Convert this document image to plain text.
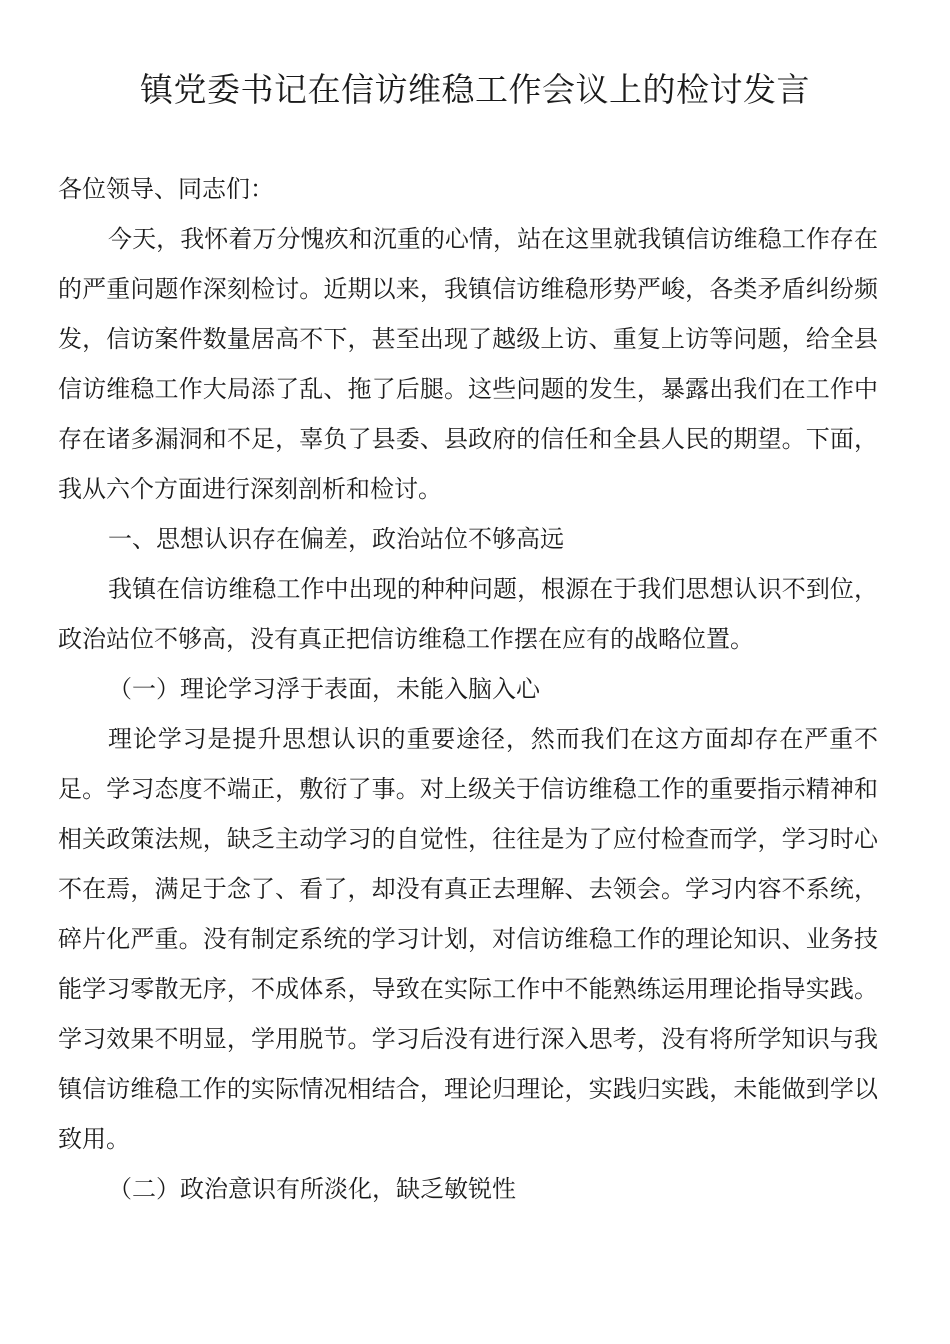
镇党委书记在信访维稳工作会议上的检讨发言

各位领导、同志们：

今天，我怀着万分愧疚和沉重的心情，站在这里就我镇信访维稳工作存在的严重问题作深刻检讨。近期以来，我镇信访维稳形势严峻，各类矛盾纠纷频发，信访案件数量居高不下，甚至出现了越级上访、重复上访等问题，给全县信访维稳工作大局添了乱、拖了后腿。这些问题的发生，暴露出我们在工作中存在诸多漏洞和不足，辜负了县委、县政府的信任和全县人民的期望。下面，我从六个方面进行深刻剖析和检讨。

一、思想认识存在偏差，政治站位不够高远

我镇在信访维稳工作中出现的种种问题，根源在于我们思想认识不到位，政治站位不够高，没有真正把信访维稳工作摆在应有的战略位置。

（一）理论学习浮于表面，未能入脑入心

理论学习是提升思想认识的重要途径，然而我们在这方面却存在严重不足。学习态度不端正，敷衍了事。对上级关于信访维稳工作的重要指示精神和相关政策法规，缺乏主动学习的自觉性，往往是为了应付检查而学，学习时心不在焉，满足于念了、看了，却没有真正去理解、去领会。学习内容不系统，碎片化严重。没有制定系统的学习计划，对信访维稳工作的理论知识、业务技能学习零散无序，不成体系，导致在实际工作中不能熟练运用理论指导实践。学习效果不明显，学用脱节。学习后没有进行深入思考，没有将所学知识与我镇信访维稳工作的实际情况相结合，理论归理论，实践归实践，未能做到学以致用。

（二）政治意识有所淡化，缺乏敏锐性
